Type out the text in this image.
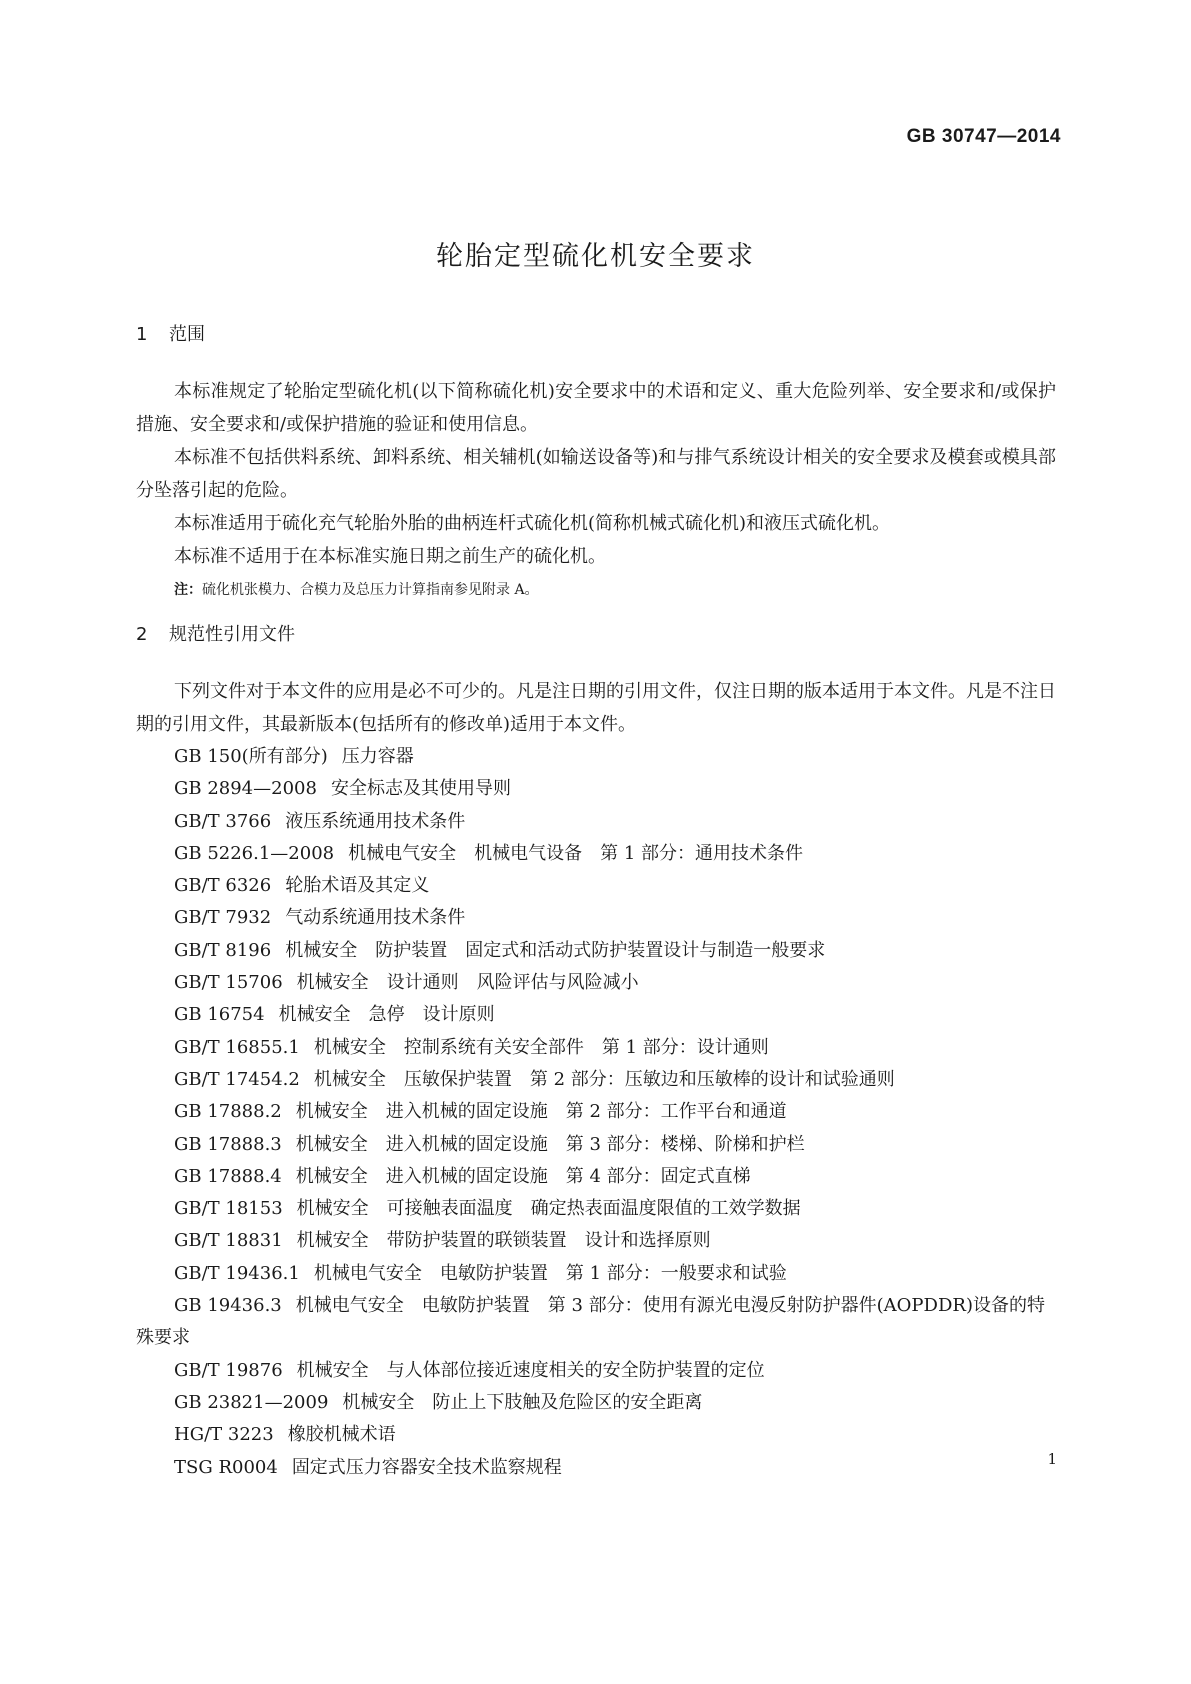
GB 30747—2014
轮胎定型硫化机安全要求

1 范围

本标准规定了轮胎定型硫化机(以下简称硫化机)安全要求中的术语和定义、重大危险列举、安全要求和/或保护措施、安全要求和/或保护措施的验证和使用信息。

本标准不包括供料系统、卸料系统、相关辅机(如输送设备等)和与排气系统设计相关的安全要求及模套或模具部分坠落引起的危险。

本标准适用于硫化充气轮胎外胎的曲柄连杆式硫化机(简称机械式硫化机)和液压式硫化机。

本标准不适用于在本标准实施日期之前生产的硫化机。

注：硫化机张模力、合模力及总压力计算指南参见附录 A。

2 规范性引用文件

下列文件对于本文件的应用是必不可少的。凡是注日期的引用文件，仅注日期的版本适用于本文件。凡是不注日期的引用文件，其最新版本(包括所有的修改单)适用于本文件。

GB 150(所有部分) 压力容器
GB 2894—2008 安全标志及其使用导则
GB/T 3766 液压系统通用技术条件
GB 5226.1—2008 机械电气安全　机械电气设备　第 1 部分：通用技术条件
GB/T 6326 轮胎术语及其定义
GB/T 7932 气动系统通用技术条件
GB/T 8196 机械安全　防护装置　固定式和活动式防护装置设计与制造一般要求
GB/T 15706 机械安全　设计通则　风险评估与风险减小
GB 16754 机械安全　急停　设计原则
GB/T 16855.1 机械安全　控制系统有关安全部件　第 1 部分：设计通则
GB/T 17454.2 机械安全　压敏保护装置　第 2 部分：压敏边和压敏棒的设计和试验通则
GB 17888.2 机械安全　进入机械的固定设施　第 2 部分：工作平台和通道
GB 17888.3 机械安全　进入机械的固定设施　第 3 部分：楼梯、阶梯和护栏
GB 17888.4 机械安全　进入机械的固定设施　第 4 部分：固定式直梯
GB/T 18153 机械安全　可接触表面温度　确定热表面温度限值的工效学数据
GB/T 18831 机械安全　带防护装置的联锁装置　设计和选择原则
GB/T 19436.1 机械电气安全　电敏防护装置　第 1 部分：一般要求和试验
GB 19436.3 机械电气安全　电敏防护装置　第 3 部分：使用有源光电漫反射防护器件(AOPDDR)设备的特殊要求
GB/T 19876 机械安全　与人体部位接近速度相关的安全防护装置的定位
GB 23821—2009 机械安全　防止上下肢触及危险区的安全距离
HG/T 3223 橡胶机械术语
TSG R0004 固定式压力容器安全技术监察规程	1
